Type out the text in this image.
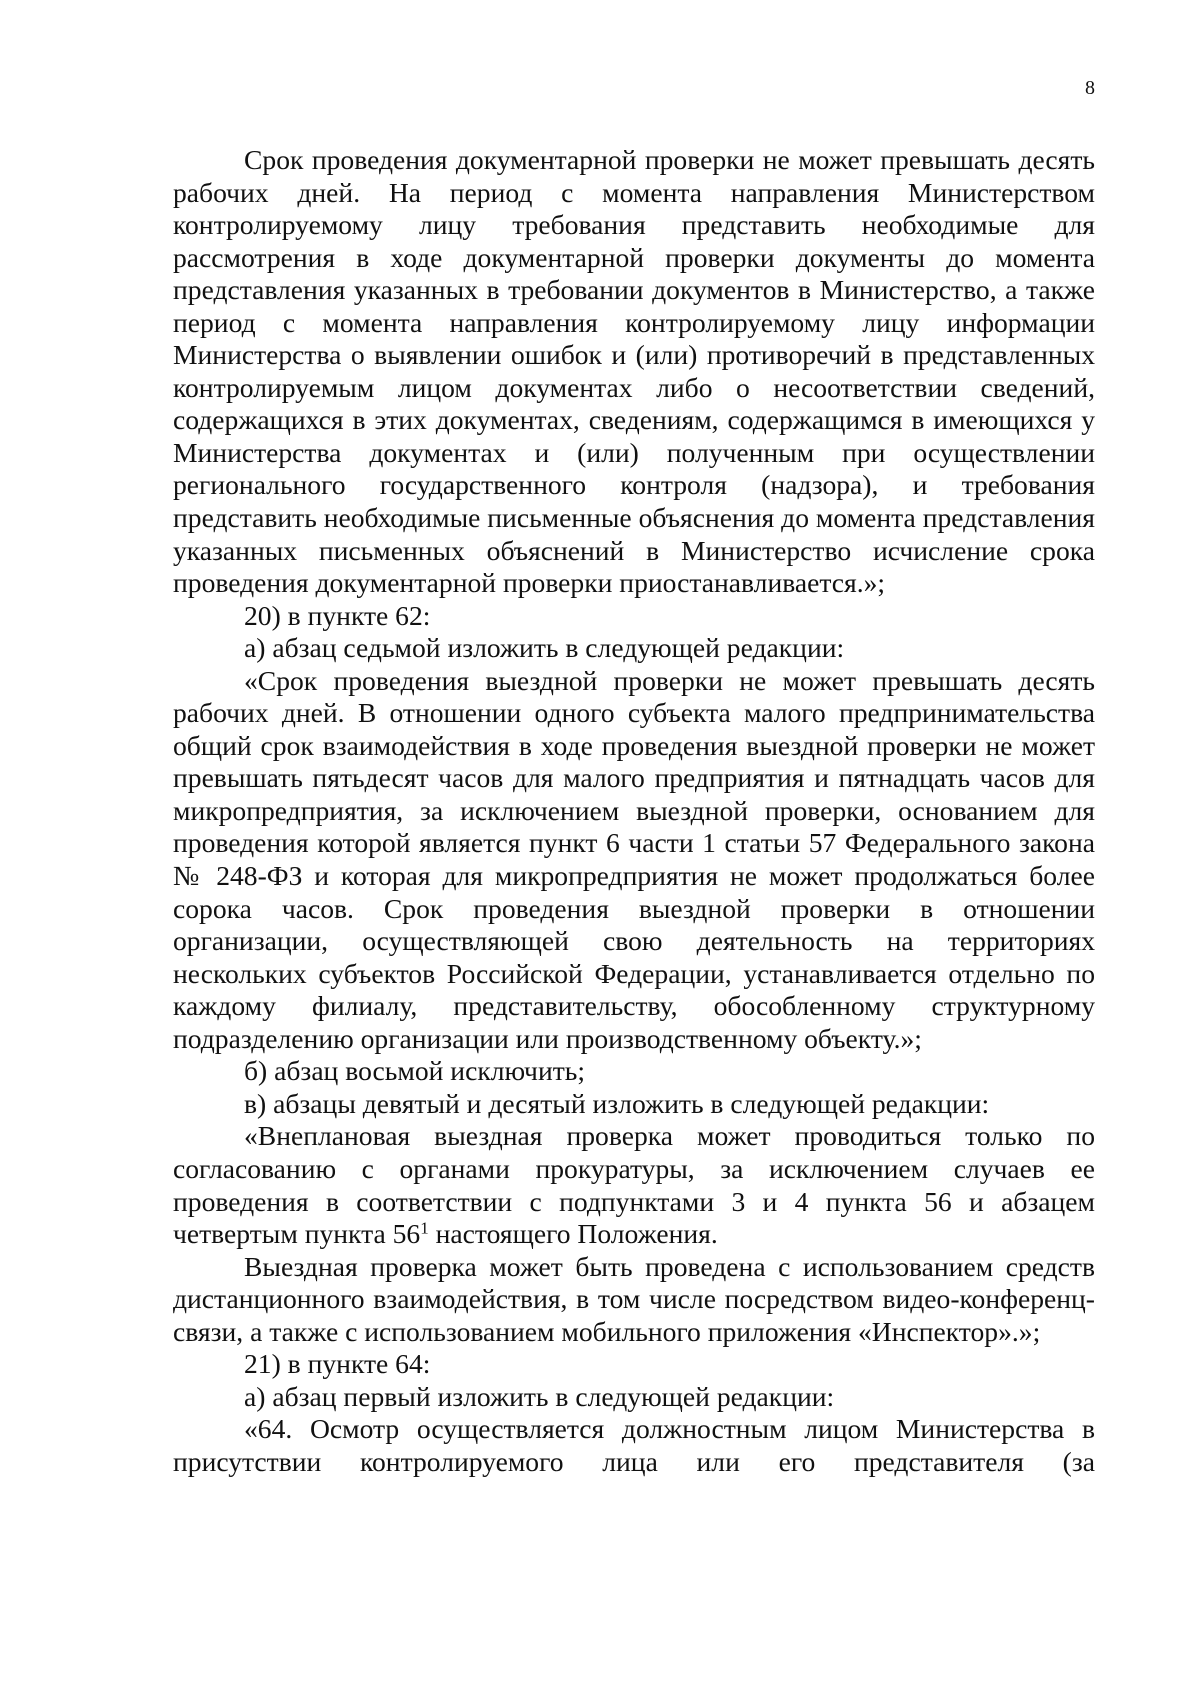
8

Срок проведения документарной проверки не может превышать десять рабочих дней. На период с момента направления Министерством контролируемому лицу требования представить необходимые для рассмотрения в ходе документарной проверки документы до момента представления указанных в требовании документов в Министерство, а также период с момента направления контролируемому лицу информации Министерства о выявлении ошибок и (или) противоречий в представленных контролируемым лицом документах либо о несоответствии сведений, содержащихся в этих документах, сведениям, содержащимся в имеющихся у Министерства документах и (или) полученным при осуществлении регионального государственного контроля (надзора), и требования представить необходимые письменные объяснения до момента представления указанных письменных объяснений в Министерство исчисление срока проведения документарной проверки приостанавливается.»;

20) в пункте 62:

а) абзац седьмой изложить в следующей редакции:

«Срок проведения выездной проверки не может превышать десять рабочих дней. В отношении одного субъекта малого предпринимательства общий срок взаимодействия в ходе проведения выездной проверки не может превышать пятьдесят часов для малого предприятия и пятнадцать часов для микропредприятия, за исключением выездной проверки, основанием для проведения которой является пункт 6 части 1 статьи 57 Федерального закона № 248-ФЗ и которая для микропредприятия не может продолжаться более сорока часов. Срок проведения выездной проверки в отношении организации, осуществляющей свою деятельность на территориях нескольких субъектов Российской Федерации, устанавливается отдельно по каждому филиалу, представительству, обособленному структурному подразделению организации или производственному объекту.»;

б) абзац восьмой исключить;

в) абзацы девятый и десятый изложить в следующей редакции:

«Внеплановая выездная проверка может проводиться только по согласованию с органами прокуратуры, за исключением случаев ее проведения в соответствии с подпунктами 3 и 4 пункта 56 и абзацем четвертым пункта $56^1$ настоящего Положения.

Выездная проверка может быть проведена с использованием средств дистанционного взаимодействия, в том числе посредством видео-конференц-связи, а также с использованием мобильного приложения «Инспектор».»;

21) в пункте 64:

а) абзац первый изложить в следующей редакции:

«64. Осмотр осуществляется должностным лицом Министерства в присутствии контролируемого лица или его представителя (за
